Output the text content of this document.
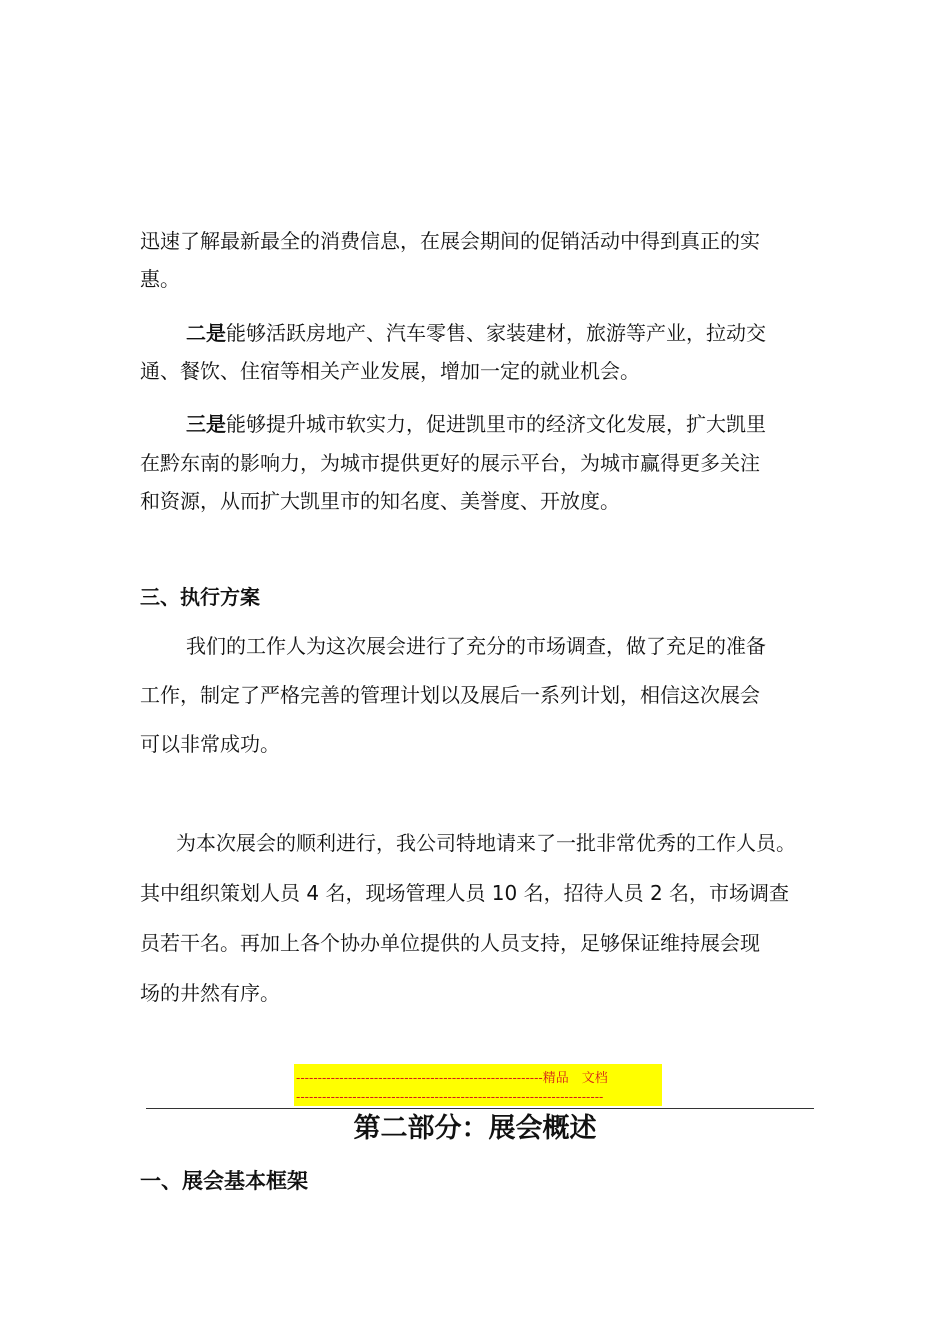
迅速了解最新最全的消费信息，在展会期间的促销活动中得到真正的实
惠。
二是能够活跃房地产、汽车零售、家装建材，旅游等产业，拉动交
通、餐饮、住宿等相关产业发展，增加一定的就业机会。
三是能够提升城市软实力，促进凯里市的经济文化发展，扩大凯里
在黔东南的影响力，为城市提供更好的展示平台，为城市赢得更多关注
和资源，从而扩大凯里市的知名度、美誉度、开放度。
三、执行方案
我们的工作人为这次展会进行了充分的市场调查，做了充足的准备
工作，制定了严格完善的管理计划以及展后一系列计划，相信这次展会
可以非常成功。
为本次展会的顺利进行，我公司特地请来了一批非常优秀的工作人员。
其中组织策划人员 4 名，现场管理人员 10 名，招待人员 2 名，市场调查
员若干名。再加上各个协办单位提供的人员支持，足够保证维持展会现
场的井然有序。
---------------------------------------------------------精品　文档
-----------------------------------------------------------------------
第二部分：展会概述
一、展会基本框架
